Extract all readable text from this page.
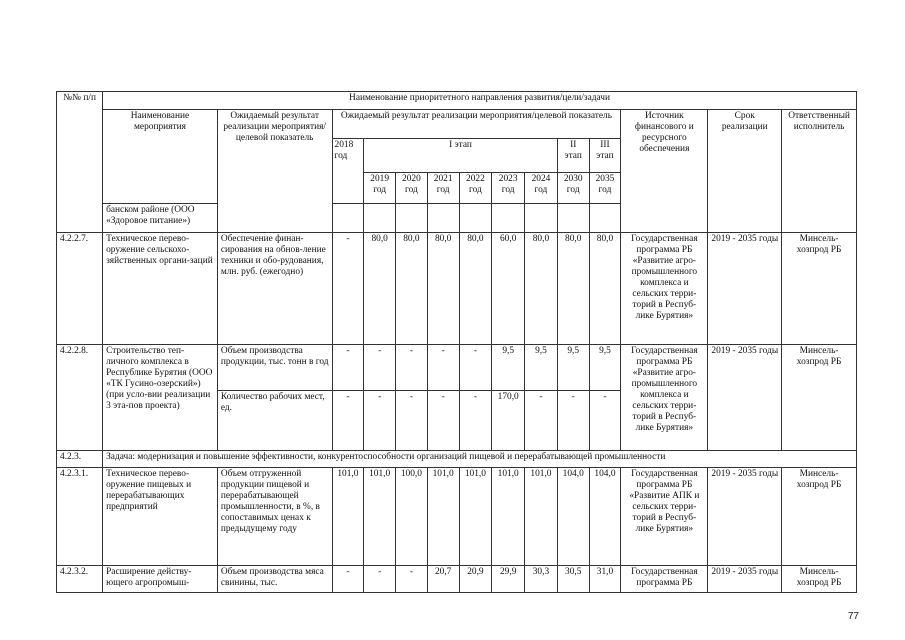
№№ п/п	Наименование приоритетного направления развития/цели/задачи													
	Наименование мероприятия	Ожидаемый результат реализации мероприятия/целевой показатель	Ожидаемый результат реализации мероприятия/целевой показатель									Источник финансового и ресурсного обеспечения	Срок реализации	Ответственный исполнитель
			2018 год	I этап						II этап	III этап			
				2019 год	2020 год	2021 год	2022 год	2023 год	2024 год	2030 год	2035 год			
	банском районе (ООО «Здоровое питание»)													
4.2.2.7.	Техническое перево-оружение сельскохо-зяйственных органи-заций	Обеспечение финан-сирования на обнов-ление техники и обо-рудования, млн. руб. (ежегодно)	-	80,0	80,0	80,0	80,0	60,0	80,0	80,0	80,0	Государственная программа РБ «Развитие агро-промышленного комплекса и сельских терри-торий в Респуб-лике Бурятия»	2019 - 2035 годы	Минсель-хозпрод РБ
4.2.2.8.	Строительство теп-личного комплекса в Республике Бурятия (ООО «ТК Гусино-озерский») (при усло-вии реализации 3 эта-пов проекта)	Объем производства продукции, тыс. тонн в год	-	-	-	-	-	9,5	9,5	9,5	9,5	Государственная программа РБ «Развитие агро-промышленного комплекса и сельских терри-торий в Респуб-лике Бурятия»	2019 - 2035 годы	Минсель-хозпрод РБ
		Количество рабочих мест, ед.	-	-	-	-	-	170,0	-	-	-			
4.2.3.	Задача: модернизация и повышение эффективности, конкурентоспособности организаций пищевой и перерабатывающей промышленности													
4.2.3.1.	Техническое перево-оружение пищевых и перерабатывающих предприятий	Объем отгруженной продукции пищевой и перерабатывающей промышленности, в %, в сопоставимых ценах к предыдущему году	101,0	101,0	100,0	101,0	101,0	101,0	101,0	104,0	104,0	Государственная программа РБ «Развитие АПК и сельских терри-торий в Респуб-лике Бурятия»	2019 - 2035 годы	Минсель-хозпрод РБ
4.2.3.2.	Расширение действу-ющего агропромыш-	Объем производства мяса свинины, тыс.	-	-	-	20,7	20,9	29,9	30,3	30,5	31,0	Государственная программа РБ	2019 - 2035 годы	Минсель-хозпрод РБ
77
